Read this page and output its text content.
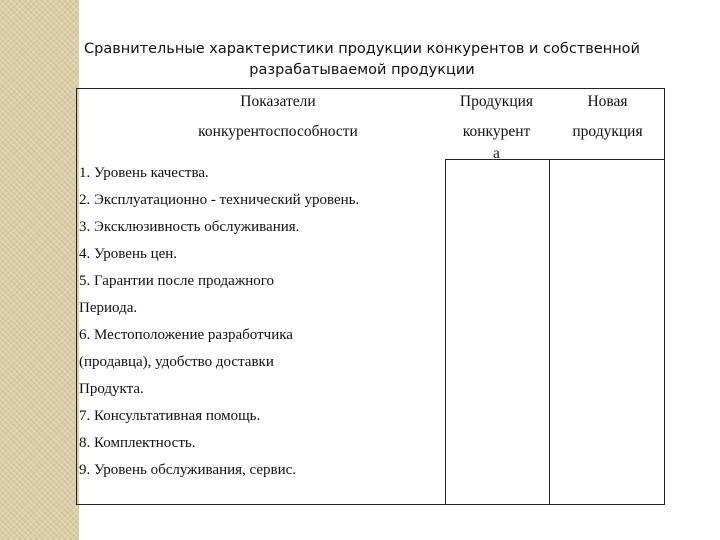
Сравнительные характеристики продукции конкурентов и собственной
разрабатываемой продукции
Показатели
конкурентоспособности
Продукция
конкурент
а
Новая
продукция
1. Уровень качества.
2. Эксплуатационно - технический уровень.
3. Эксклюзивность обслуживания.
4. Уровень цен.
5. Гарантии после продажного
Периода.
6. Местоположение разработчика
(продавца), удобство доставки
Продукта.
7. Консультативная помощь.
8. Комплектность.
9. Уровень обслуживания, сервис.
